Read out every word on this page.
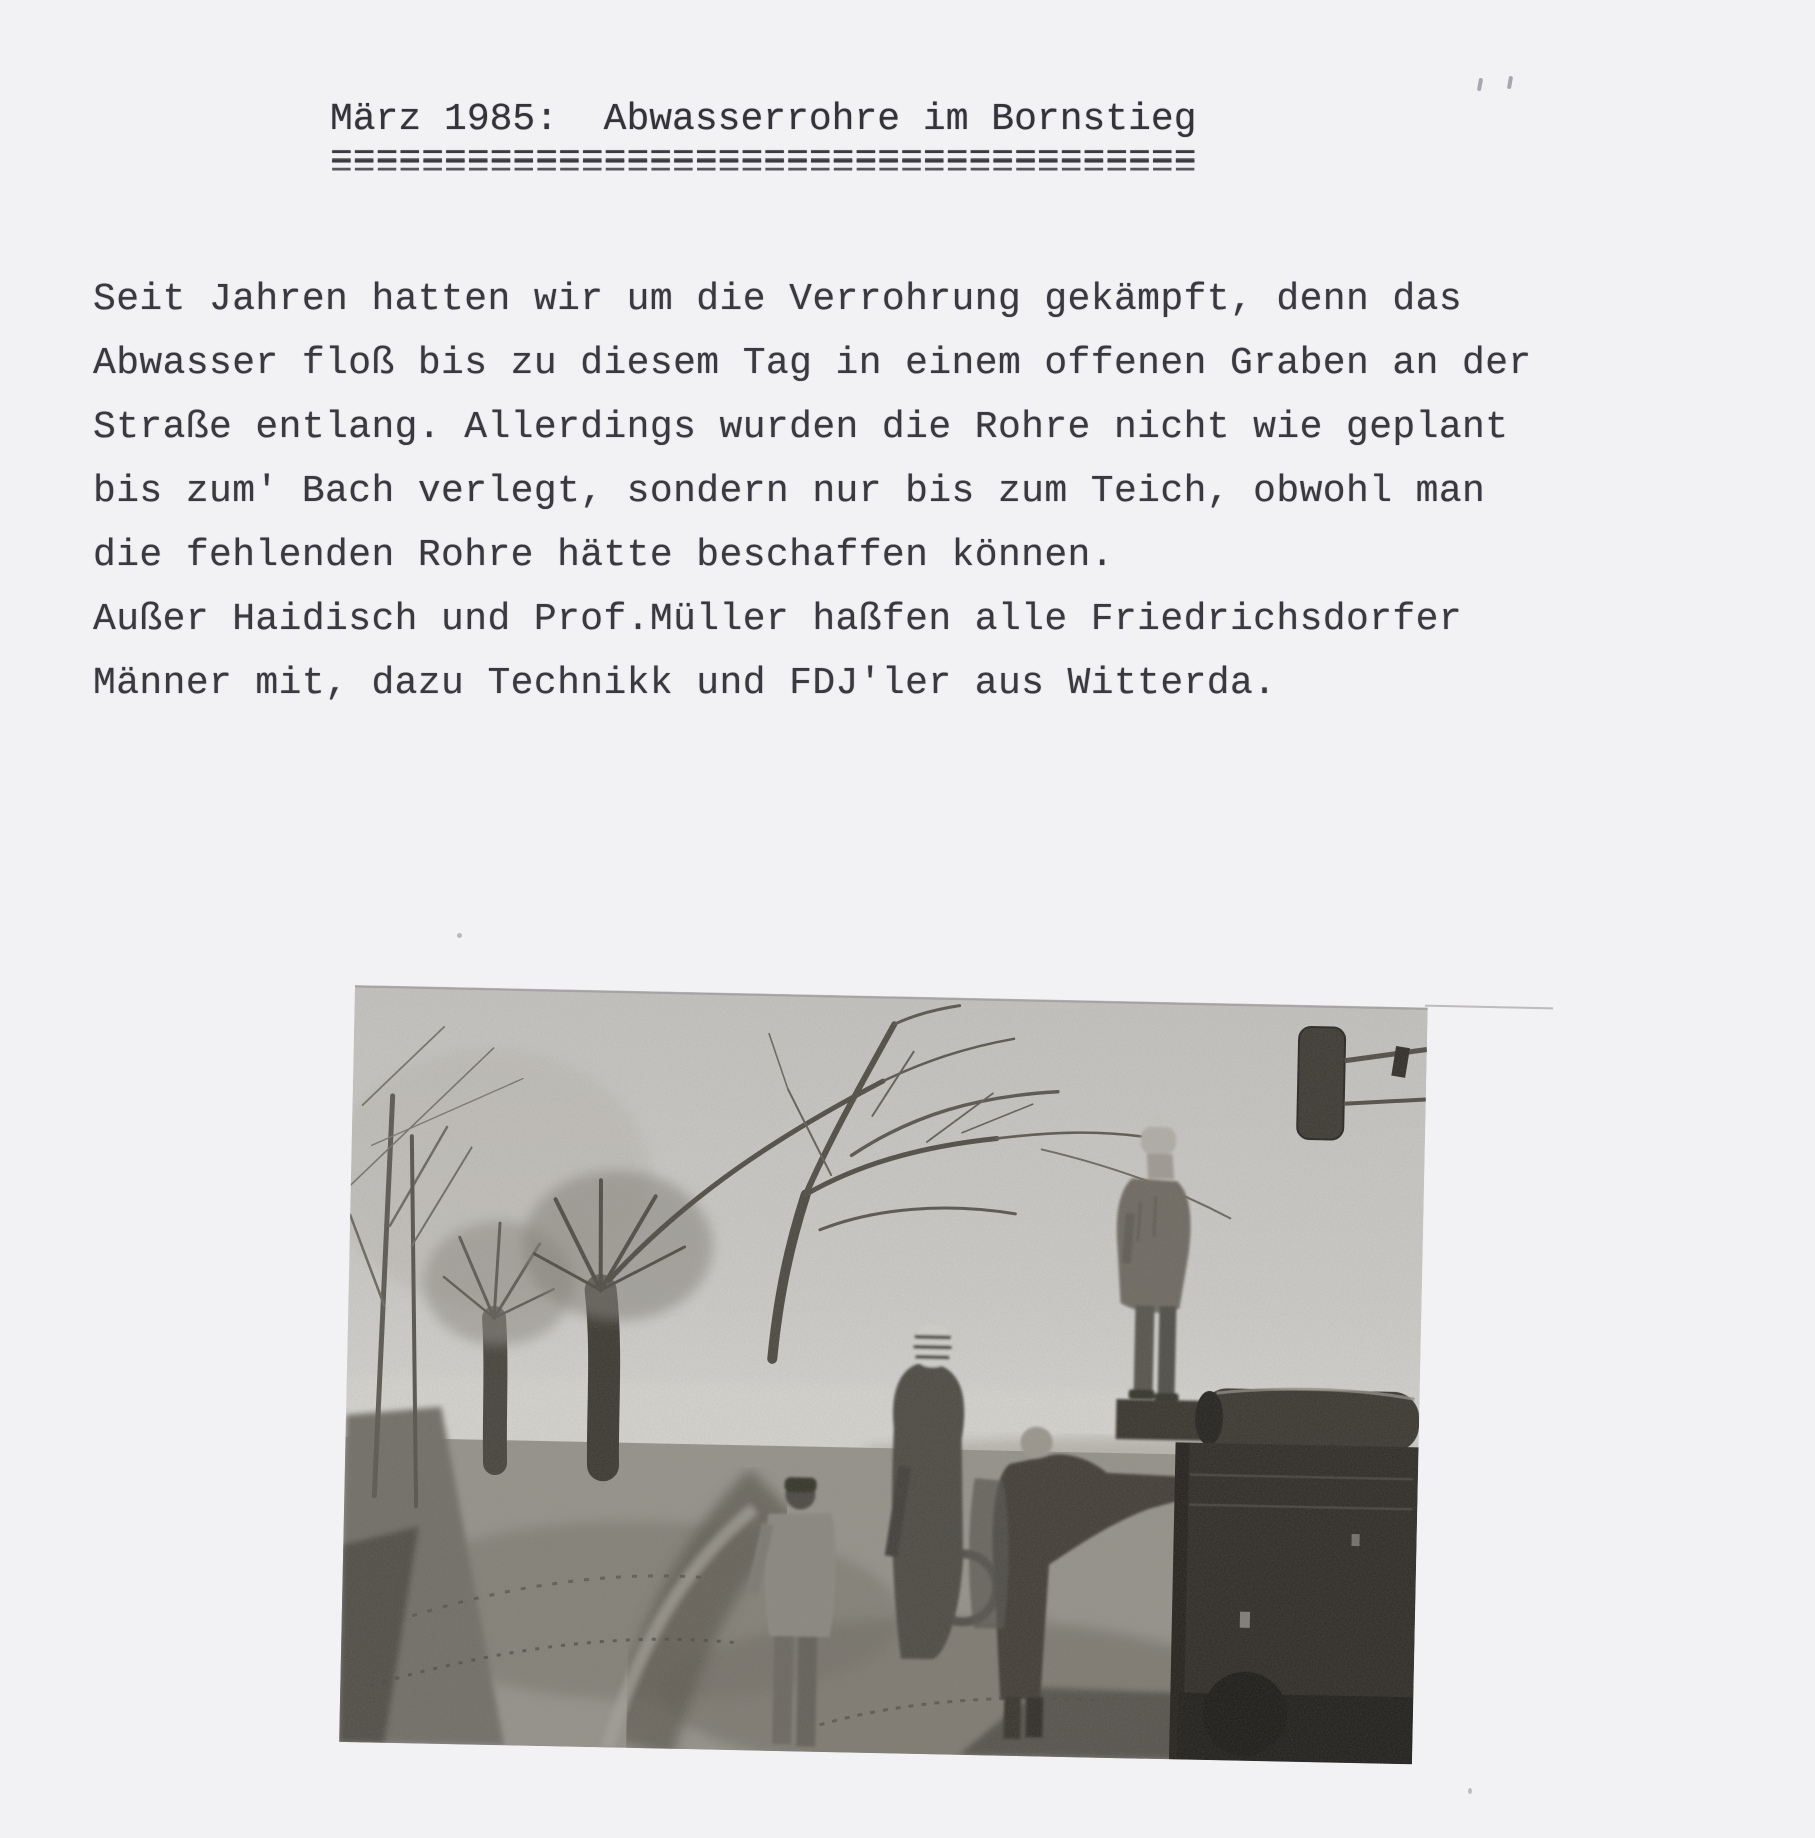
März 1985:  Abwasserrohre im Bornstieg
======================================
Seit Jahren hatten wir um die Verrohrung gekämpft, denn das
Abwasser floß bis zu diesem Tag in einem offenen Graben an der
Straße entlang. Allerdings wurden die Rohre nicht wie geplant
bis zum' Bach verlegt, sondern nur bis zum Teich, obwohl man
die fehlenden Rohre hätte beschaffen können.
Außer Haidisch und Prof.Müller haßfen alle Friedrichsdorfer
Männer mit, dazu Technikk und FDJ'ler aus Witterda.
